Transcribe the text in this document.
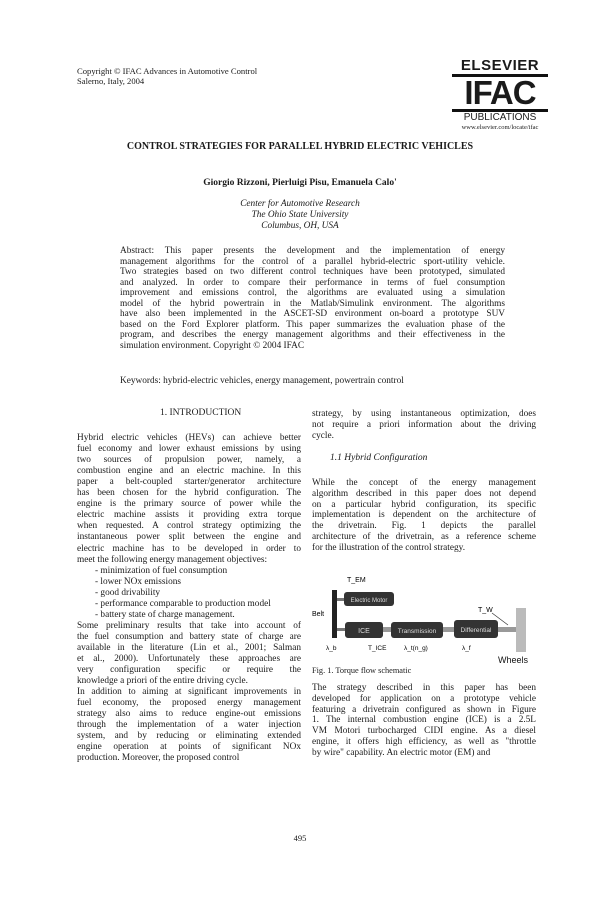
Copyright © IFAC Advances in Automotive Control
Salerno, Italy, 2004
ELSEVIER
IFAC
PUBLICATIONS
www.elsevier.com/locate/ifac
CONTROL STRATEGIES FOR PARALLEL HYBRID ELECTRIC VEHICLES
Giorgio Rizzoni, Pierluigi Pisu, Emanuela Calo'
Center for Automotive Research
The Ohio State University
Columbus, OH, USA
Abstract: This paper presents the development and the implementation of energy
management algorithms for the control of a parallel hybrid-electric sport-utility vehicle.
Two strategies based on two different control techniques have been prototyped, simulated
and analyzed. In order to compare their performance in terms of fuel consumption
improvement and emissions control, the algorithms are evaluated using a simulation
model of the hybrid powertrain in the Matlab/Simulink environment. The algorithms
have also been implemented in the ASCET-SD environment on-board a prototype SUV
based on the Ford Explorer platform. This paper summarizes the evaluation phase of the
program, and describes the energy management algorithms and their effectiveness in the
simulation environment. Copyright © 2004 IFAC
Keywords: hybrid-electric vehicles, energy management, powertrain control
1. INTRODUCTION
Hybrid electric vehicles (HEVs) can achieve better
fuel economy and lower exhaust emissions by using
two sources of propulsion power, namely, a
combustion engine and an electric machine. In this
paper a belt-coupled starter/generator architecture
has been chosen for the hybrid configuration. The
engine is the primary source of power while the
electric machine assists it providing extra torque
when requested. A control strategy optimizing the
instantaneous power split between the engine and
electric machine has to be developed in order to
meet the following energy management objectives:
- minimization of fuel consumption
- lower NOx emissions
- good drivability
- performance comparable to production model
- battery state of charge management.
Some preliminary results that take into account of
the fuel consumption and battery state of charge are
available in the literature (Lin et al., 2001; Salman
et al., 2000). Unfortunately these approaches are
very configuration specific or require the
knowledge a priori of the entire driving cycle.
In addition to aiming at significant improvements in
fuel economy, the proposed energy management
strategy also aims to reduce engine-out emissions
through the implementation of a water injection
system, and by reducing or eliminating extended
engine operation at points of significant NOx
production. Moreover, the proposed control
strategy, by using instantaneous optimization, does
not require a priori information about the driving
cycle.
1.1 Hybrid Configuration
While the concept of the energy management
algorithm described in this paper does not depend
on a particular hybrid configuration, its specific
implementation is dependent on the architecture of
the drivetrain. Fig. 1 depicts the parallel
architecture of the drivetrain, as a reference scheme
for the illustration of the control strategy.
Electric Motor
T_EM
Belt
ICE	Transmission	Differential
T_W
λ_b	T_ICE	λ_t(n_g)	λ_f
Wheels
Fig. 1. Torque flow schematic
The strategy described in this paper has been
developed for application on a prototype vehicle
featuring a drivetrain configured as shown in Figure
1. The internal combustion engine (ICE) is a 2.5L
VM Motori turbocharged CIDI engine. As a diesel
engine, it offers high efficiency, as well as "throttle
by wire" capability. An electric motor (EM) and
495
